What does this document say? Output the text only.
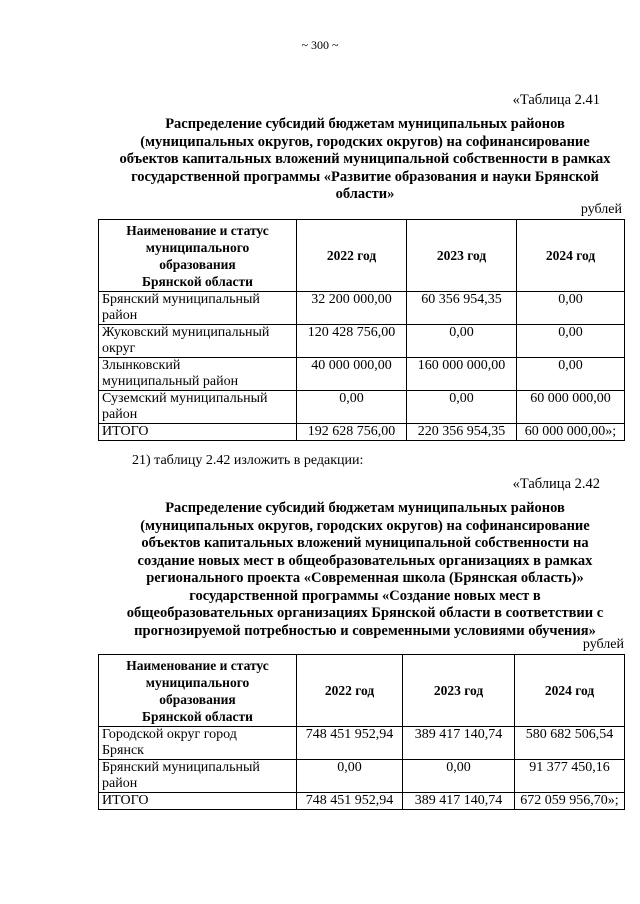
~ 300 ~
«Таблица 2.41
Распределение субсидий бюджетам муниципальных районов
(муниципальных округов, городских округов) на софинансирование
объектов капитальных вложений муниципальной собственности в рамках
государственной программы «Развитие образования и науки Брянской
области»
рублей
Наименование и статус
муниципального
образования
Брянской области	2022 год	2023 год	2024 год

Брянский муниципальный
район	32 200 000,00	60 356 954,35	0,00

Жуковский муниципальный
округ	120 428 756,00	0,00	0,00

Злынковский
муниципальный район	40 000 000,00	160 000 000,00	0,00

Суземский муниципальный
район	0,00	0,00	60 000 000,00

ИТОГО	192 628 756,00	220 356 954,35	60 000 000,00»;
21) таблицу 2.42 изложить в редакции:
«Таблица 2.42
Распределение субсидий бюджетам муниципальных районов
(муниципальных округов, городских округов) на софинансирование
объектов капитальных вложений муниципальной собственности на
создание новых мест в общеобразовательных организациях в рамках
регионального проекта «Современная школа (Брянская область)»
государственной программы «Создание новых мест в
общеобразовательных организациях Брянской области в соответствии с
прогнозируемой потребностью и современными условиями обучения»
рублей
Наименование и статус
муниципального
образования
Брянской области	2022 год	2023 год	2024 год

Городской округ город
Брянск	748 451 952,94	389 417 140,74	580 682 506,54

Брянский муниципальный
район	0,00	0,00	91 377 450,16

ИТОГО	748 451 952,94	389 417 140,74	672 059 956,70»;
